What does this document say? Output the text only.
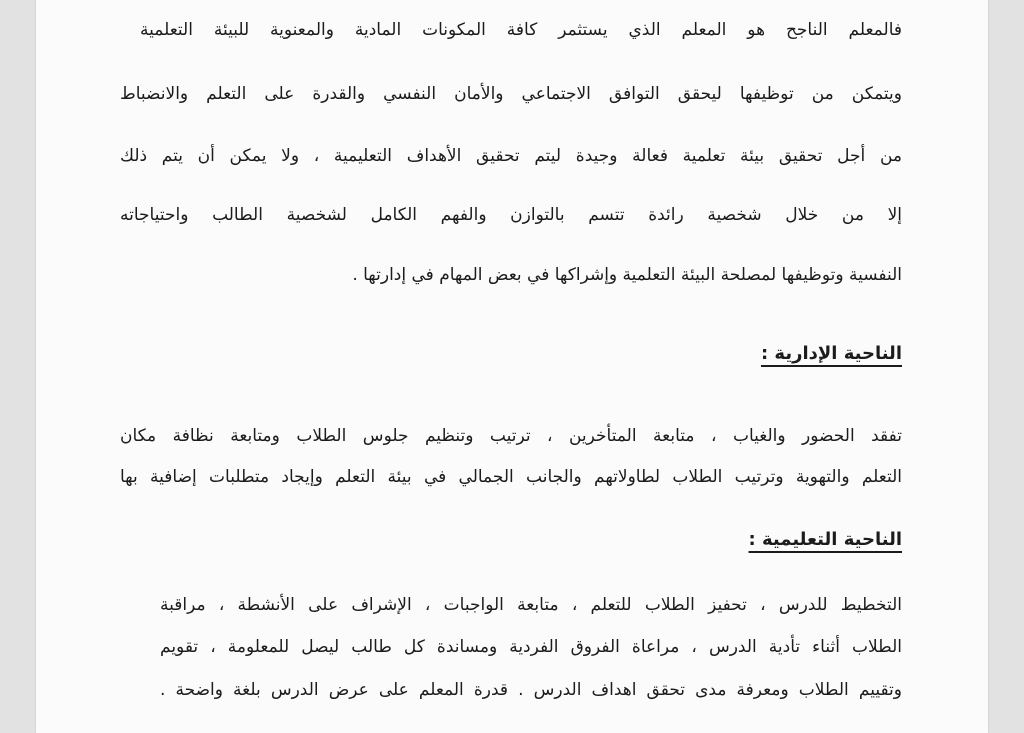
فالمعلم الناجح هو المعلم الذي يستثمر كافة المكونات المادية والمعنوية للبيئة التعلمية
ويتمكن من توظيفها ليحقق التوافق الاجتماعي والأمان النفسي والقدرة على التعلم والانضباط
من أجل تحقيق بيئة تعلمية فعالة وجيدة ليتم تحقيق الأهداف التعليمية ، ولا يمكن أن يتم ذلك
إلا من خلال شخصية رائدة تتسم بالتوازن والفهم الكامل لشخصية الطالب واحتياجاته
النفسية وتوظيفها لمصلحة البيئة التعلمية وإشراكها في بعض المهام في إدارتها .
الناحية الإدارية :
تفقد الحضور والغياب ، متابعة المتأخرين ، ترتيب وتنظيم جلوس الطلاب ومتابعة نظافة مكان
التعلم والتهوية وترتيب الطلاب لطاولاتهم والجانب الجمالي في بيئة التعلم وإيجاد متطلبات إضافية بها
الناحية التعليمية :
التخطيط للدرس ، تحفيز الطلاب للتعلم ، متابعة الواجبات ، الإشراف على الأنشطة ، مراقبة
الطلاب أثناء تأدية الدرس ، مراعاة الفروق الفردية ومساندة كل طالب ليصل للمعلومة ، تقويم
وتقييم الطلاب ومعرفة مدى تحقق اهداف الدرس . قدرة المعلم على عرض الدرس بلغة واضحة .
